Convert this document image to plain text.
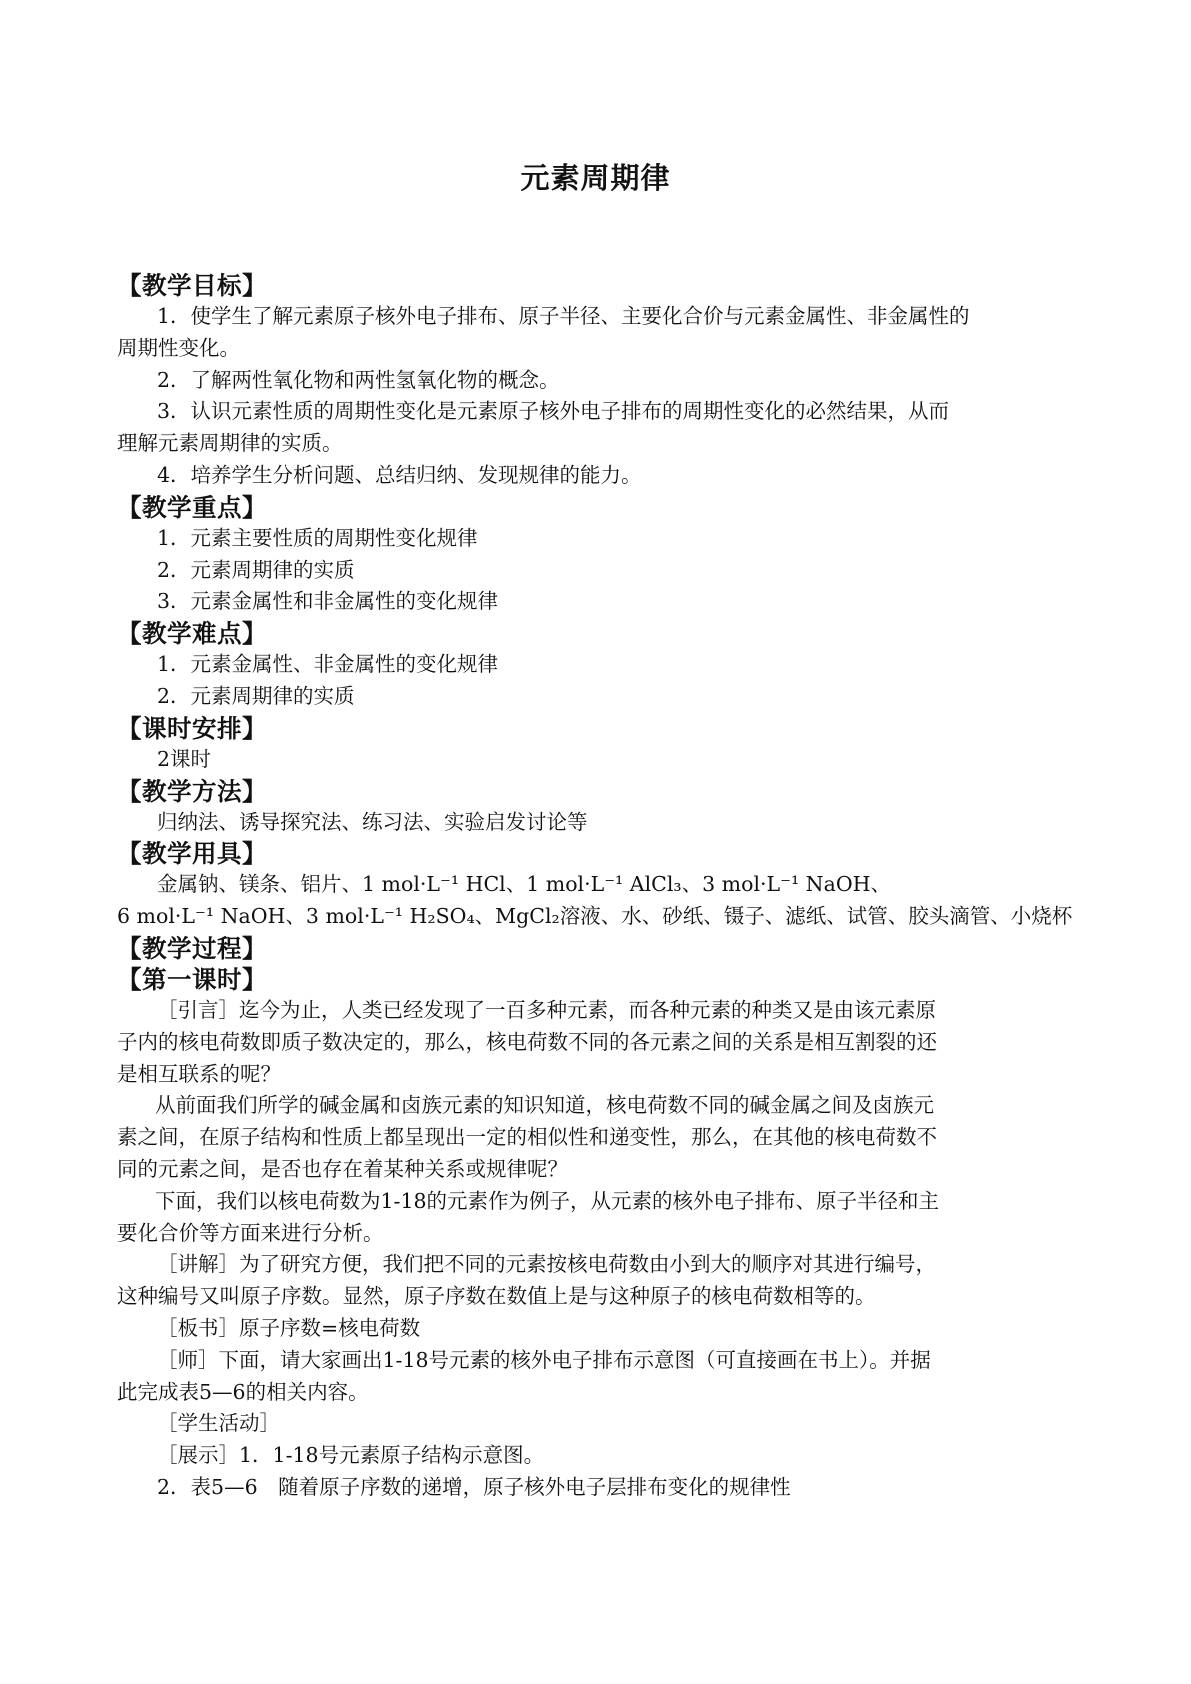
元素周期律
【教学目标】
1．使学生了解元素原子核外电子排布、原子半径、主要化合价与元素金属性、非金属性的
周期性变化。
2．了解两性氧化物和两性氢氧化物的概念。
3．认识元素性质的周期性变化是元素原子核外电子排布的周期性变化的必然结果，从而
理解元素周期律的实质。
4．培养学生分析问题、总结归纳、发现规律的能力。
【教学重点】
1．元素主要性质的周期性变化规律
2．元素周期律的实质
3．元素金属性和非金属性的变化规律
【教学难点】
1．元素金属性、非金属性的变化规律
2．元素周期律的实质
【课时安排】
2课时
【教学方法】
归纳法、诱导探究法、练习法、实验启发讨论等
【教学用具】
金属钠、镁条、铝片、1 mol·L⁻¹ HCl、1 mol·L⁻¹ AlCl₃、3 mol·L⁻¹ NaOH、
6 mol·L⁻¹ NaOH、3 mol·L⁻¹ H₂SO₄、MgCl₂溶液、水、砂纸、镊子、滤纸、试管、胶头滴管、小烧杯
【教学过程】
【第一课时】
［引言］迄今为止，人类已经发现了一百多种元素，而各种元素的种类又是由该元素原
子内的核电荷数即质子数决定的，那么，核电荷数不同的各元素之间的关系是相互割裂的还
是相互联系的呢？
从前面我们所学的碱金属和卤族元素的知识知道，核电荷数不同的碱金属之间及卤族元
素之间，在原子结构和性质上都呈现出一定的相似性和递变性，那么，在其他的核电荷数不
同的元素之间，是否也存在着某种关系或规律呢？
下面，我们以核电荷数为1-18的元素作为例子，从元素的核外电子排布、原子半径和主
要化合价等方面来进行分析。
［讲解］为了研究方便，我们把不同的元素按核电荷数由小到大的顺序对其进行编号，
这种编号又叫原子序数。显然，原子序数在数值上是与这种原子的核电荷数相等的。
［板书］原子序数=核电荷数
［师］下面，请大家画出1-18号元素的核外电子排布示意图（可直接画在书上）。并据
此完成表5—6的相关内容。
［学生活动］
［展示］1．1-18号元素原子结构示意图。
2．表5—6　随着原子序数的递增，原子核外电子层排布变化的规律性
